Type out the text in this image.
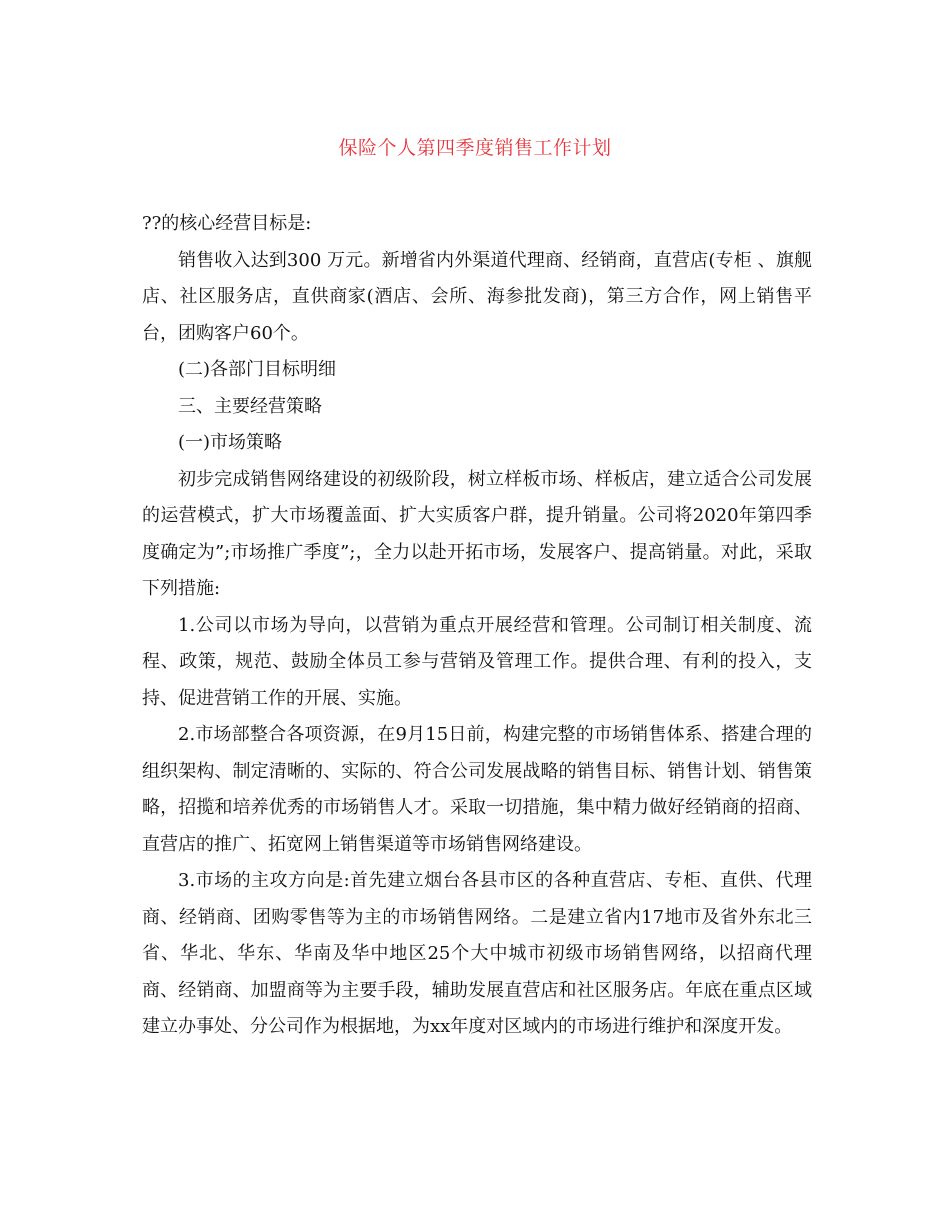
保险个人第四季度销售工作计划

??的核心经营目标是:

销售收入达到300 万元。新增省内外渠道代理商、经销商，直营店(专柜 、旗舰店、社区服务店，直供商家(酒店、会所、海参批发商)，第三方合作，网上销售平台，团购客户60个。

(二)各部门目标明细

三、主要经营策略

(一)市场策略

初步完成销售网络建设的初级阶段，树立样板市场、样板店，建立适合公司发展的运营模式，扩大市场覆盖面、扩大实质客户群，提升销量。公司将2020年第四季度确定为”;市场推广季度”;，全力以赴开拓市场，发展客户、提高销量。对此，采取下列措施:

1.公司以市场为导向，以营销为重点开展经营和管理。公司制订相关制度、流程、政策，规范、鼓励全体员工参与营销及管理工作。提供合理、有利的投入，支持、促进营销工作的开展、实施。

2.市场部整合各项资源，在9月15日前，构建完整的市场销售体系、搭建合理的组织架构、制定清晰的、实际的、符合公司发展战略的销售目标、销售计划、销售策略，招揽和培养优秀的市场销售人才。采取一切措施，集中精力做好经销商的招商、直营店的推广、拓宽网上销售渠道等市场销售网络建设。

3.市场的主攻方向是:首先建立烟台各县市区的各种直营店、专柜、直供、代理商、经销商、团购零售等为主的市场销售网络。二是建立省内17地市及省外东北三省、华北、华东、华南及华中地区25个大中城市初级市场销售网络，以招商代理商、经销商、加盟商等为主要手段，辅助发展直营店和社区服务店。年底在重点区域建立办事处、分公司作为根据地，为xx年度对区域内的市场进行维护和深度开发。
